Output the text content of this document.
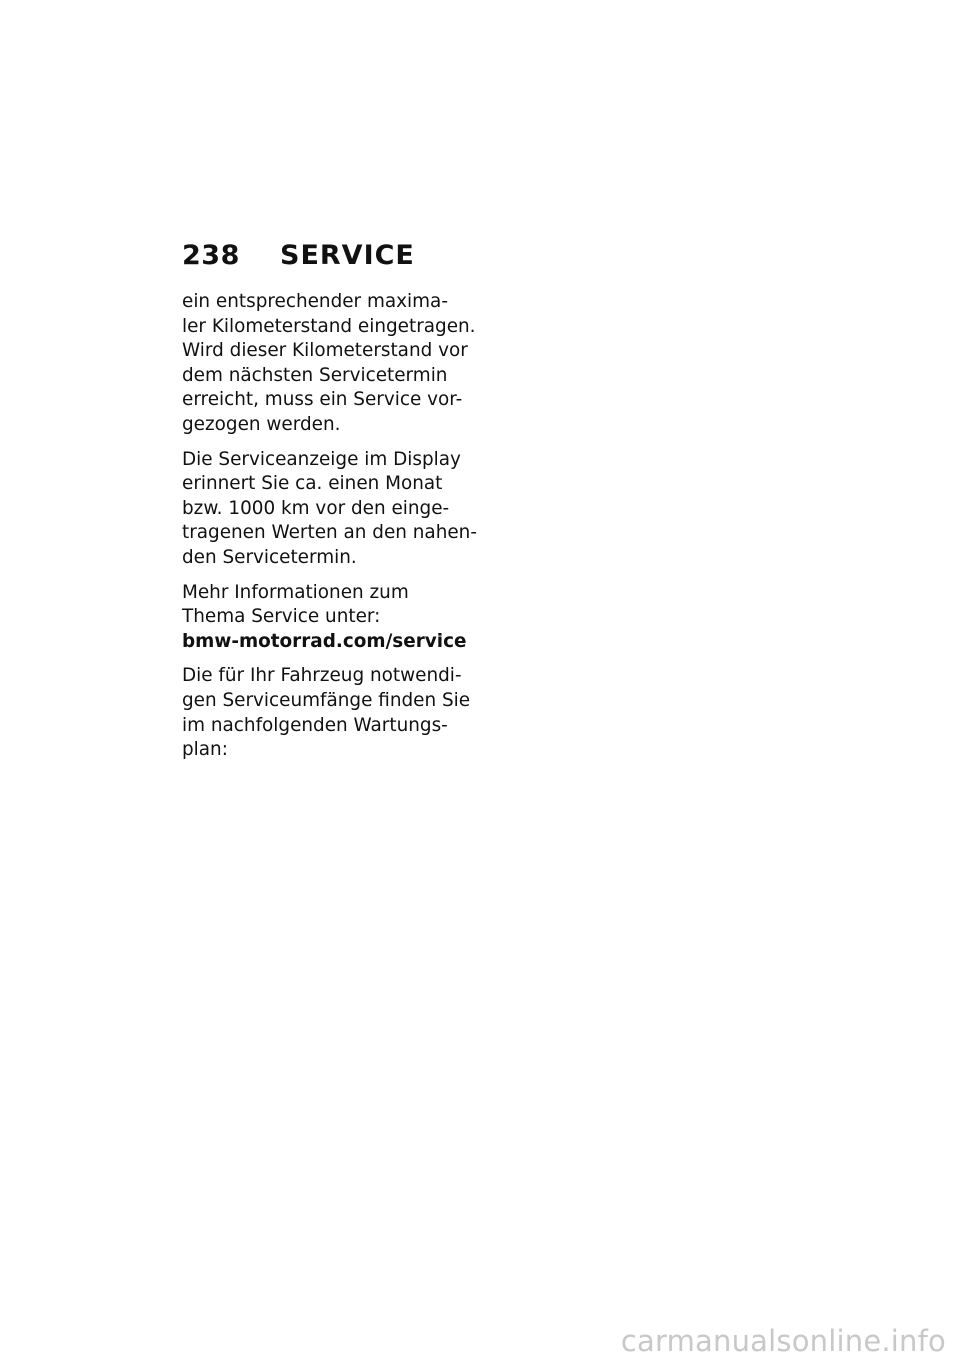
238	SERVICE

ein entsprechender maxima-
ler Kilometerstand eingetragen.
Wird dieser Kilometerstand vor
dem nächsten Servicetermin
erreicht, muss ein Service vor-
gezogen werden.

Die Serviceanzeige im Display
erinnert Sie ca. einen Monat
bzw. 1000 km vor den einge-
tragenen Werten an den nahen-
den Servicetermin.

Mehr Informationen zum
Thema Service unter:
bmw-motorrad.com/service

Die für Ihr Fahrzeug notwendi-
gen Serviceumfänge finden Sie
im nachfolgenden Wartungs-
plan:

carmanualsonline.info
